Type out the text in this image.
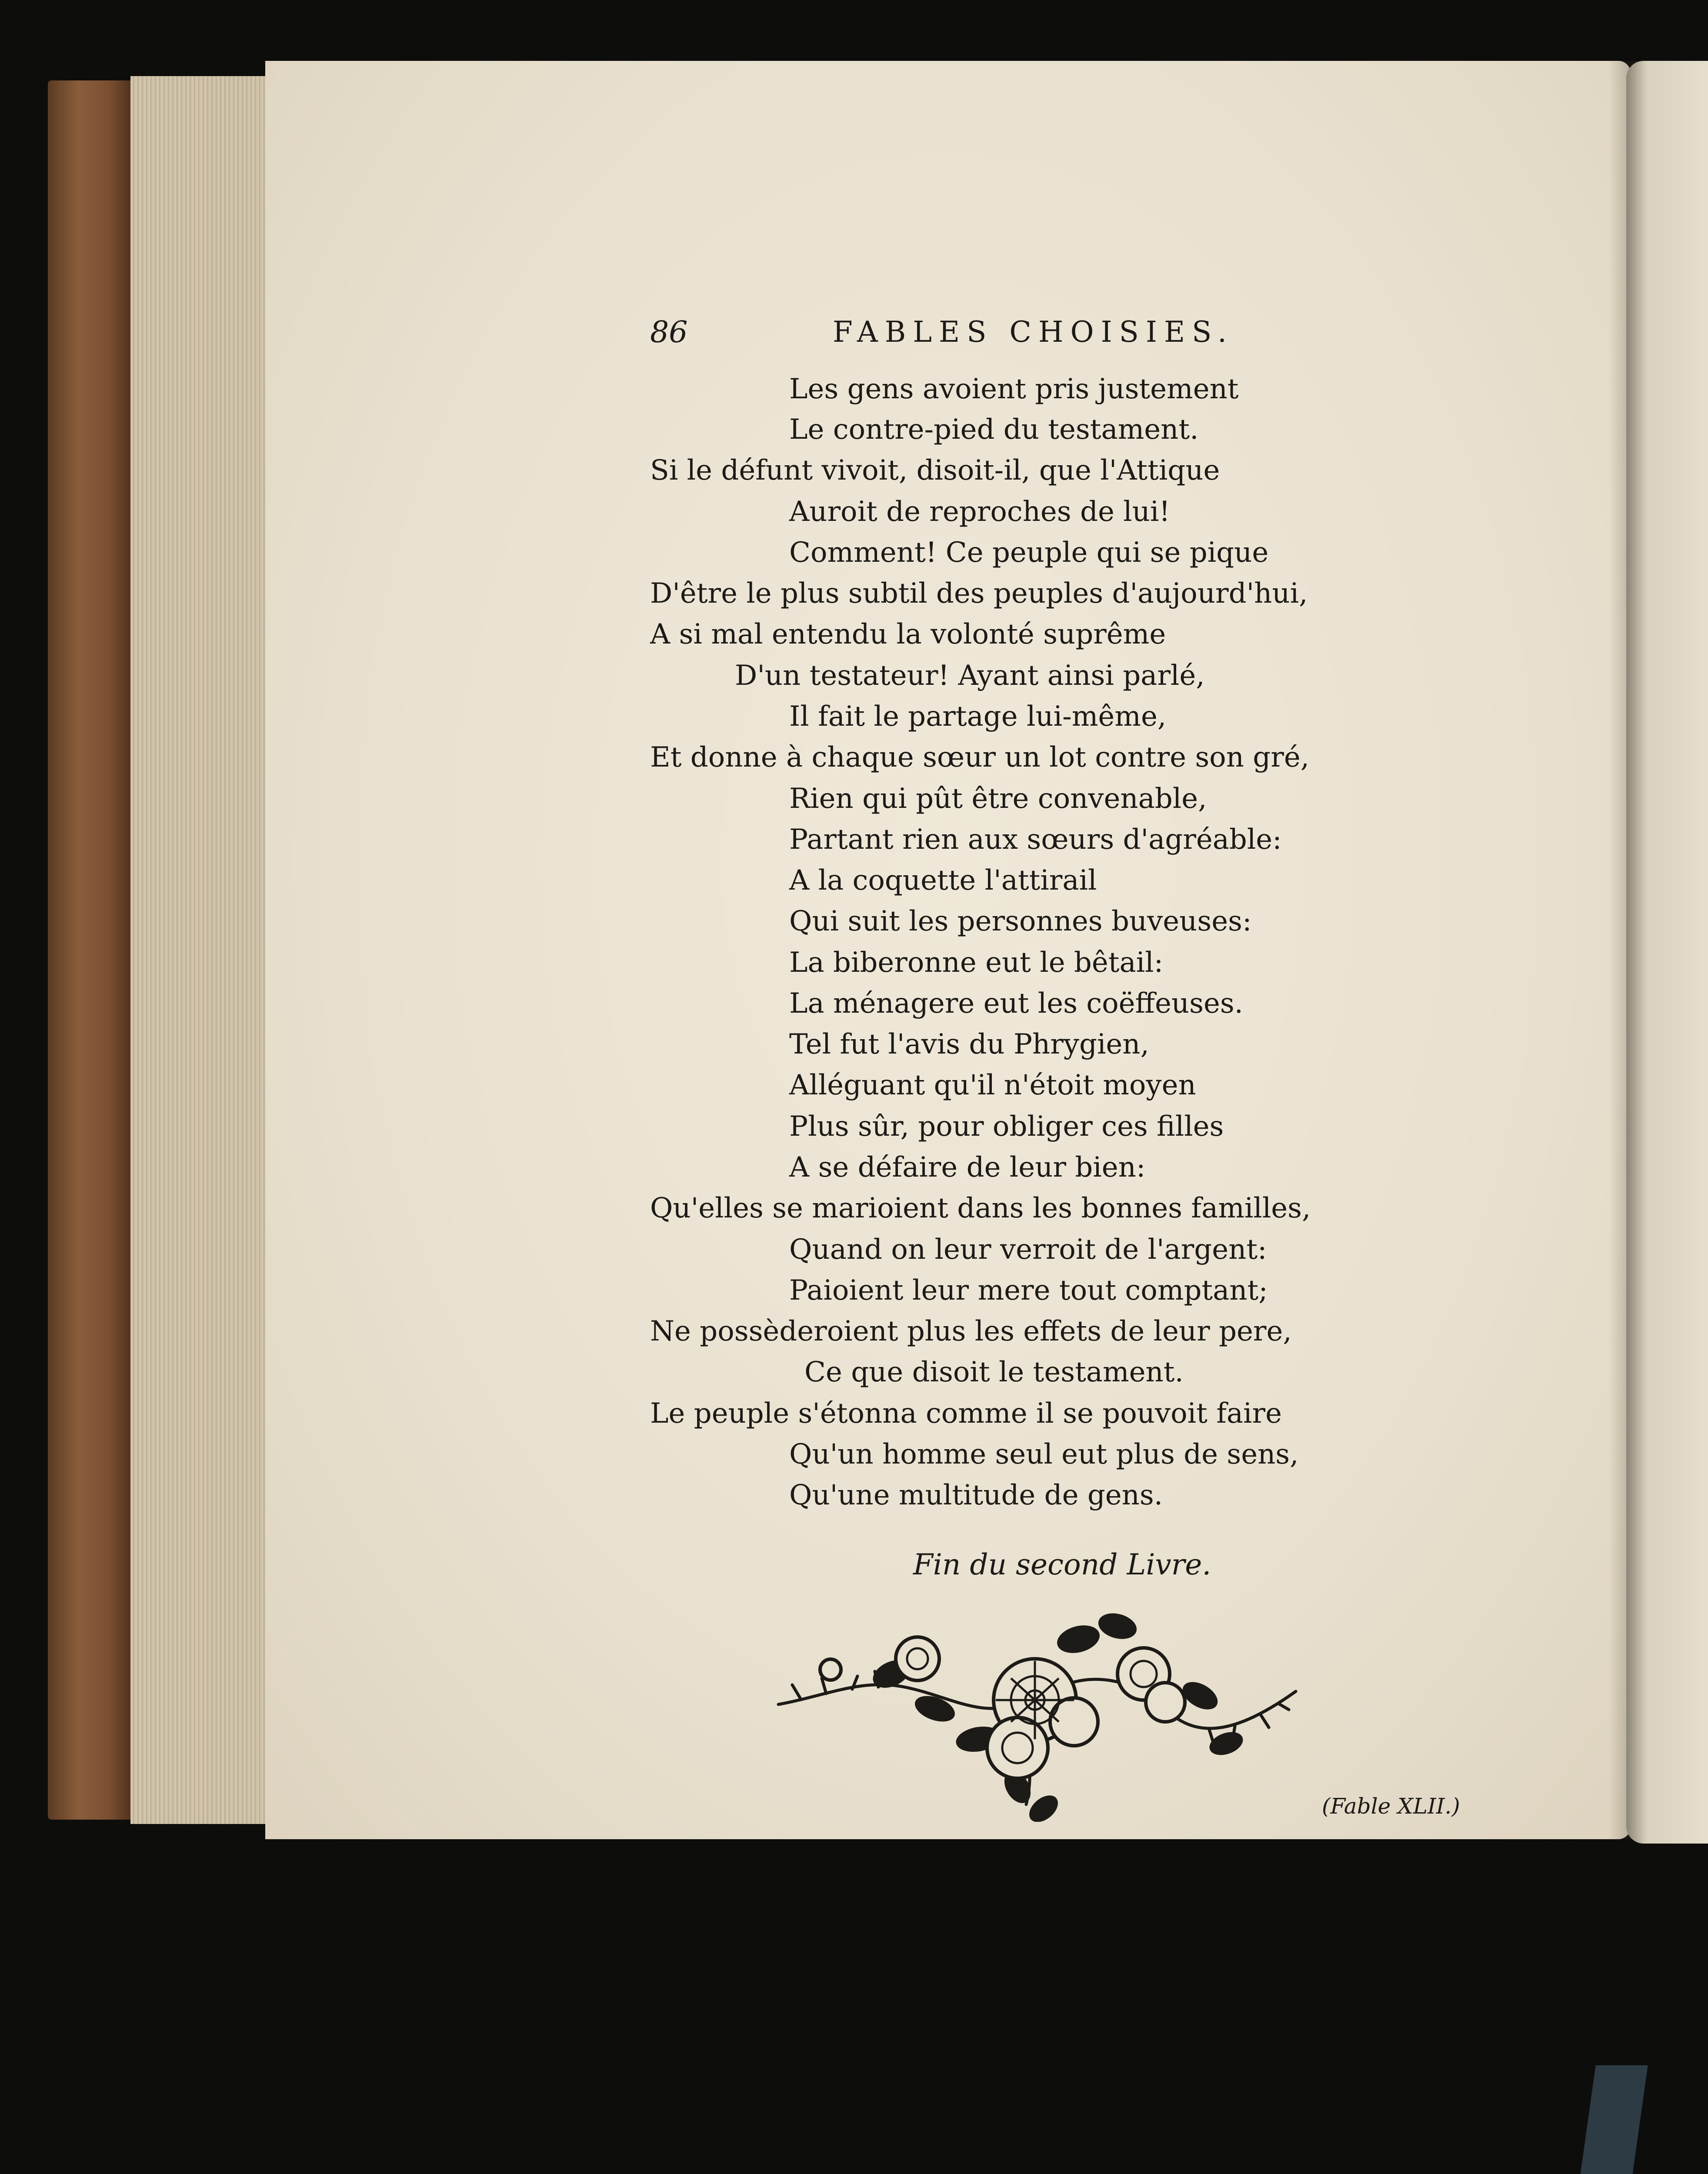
86	FABLES CHOISIES.
Les gens avoient pris justement
Le contre-pied du testament.
Si le défunt vivoit, disoit-il, que l'Attique
Auroit de reproches de lui!
Comment! Ce peuple qui se pique
D'être le plus subtil des peuples d'aujourd'hui,
A si mal entendu la volonté suprême
D'un testateur! Ayant ainsi parlé,
Il fait le partage lui-même,
Et donne à chaque sœur un lot contre son gré,
Rien qui pût être convenable,
Partant rien aux sœurs d'agréable:
A la coquette l'attirail
Qui suit les personnes buveuses:
La biberonne eut le bêtail:
La ménagere eut les coëffeuses.
Tel fut l'avis du Phrygien,
Alléguant qu'il n'étoit moyen
Plus sûr, pour obliger ces filles
A se défaire de leur bien:
Qu'elles se marioient dans les bonnes familles,
Quand on leur verroit de l'argent:
Paioient leur mere tout comptant;
Ne possèderoient plus les effets de leur pere,
Ce que disoit le testament.
Le peuple s'étonna comme il se pouvoit faire
Qu'un homme seul eut plus de sens,
Qu'une multitude de gens.
Fin du second Livre.
(Fable XLII.)
